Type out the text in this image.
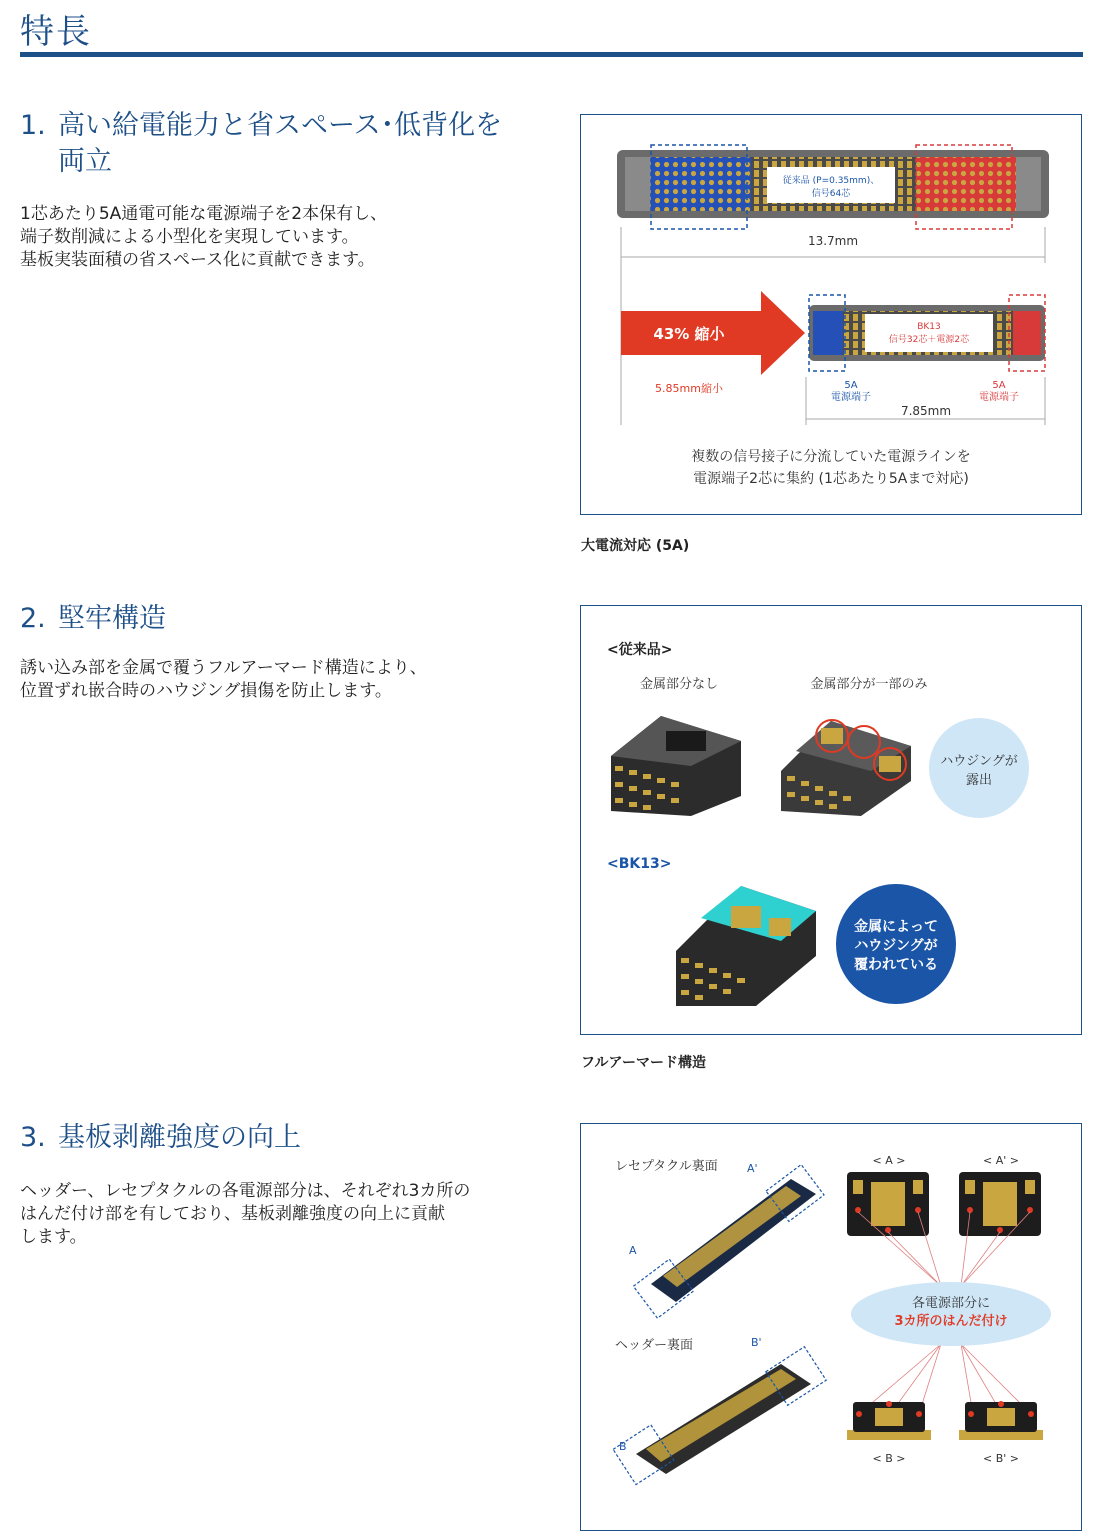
特長
1. 高い給電能力と省スペース･低背化を
両立

1芯あたり5A通電可能な電源端子を2本保有し、
端子数削減による小型化を実現しています。
基板実装面積の省スペース化に貢献できます。

従来品 (P=0.35mm)、
信号64芯
13.7mm
43% 縮小
5.85mm縮小
BK13
信号32芯＋電源2芯
5A
電源端子
5A
電源端子
7.85mm
複数の信号接子に分流していた電源ラインを
電源端子2芯に集約 (1芯あたり5Aまで対応)
大電流対応 (5A)
2. 堅牢構造

誘い込み部を金属で覆うフルアーマード構造により、
位置ずれ嵌合時のハウジング損傷を防止します。

<従来品>
金属部分なし	金属部分が一部のみ
ハウジングが
露出
<BK13>
金属によって
ハウジングが
覆われている
フルアーマード構造
3. 基板剥離強度の向上

ヘッダー、レセプタクルの各電源部分は、それぞれ3カ所の
はんだ付け部を有しており、基板剥離強度の向上に貢献
します。

レセプタクル裏面	A'
A
ヘッダー裏面	B'
B
< A >	< A' >
各電源部分に
3カ所のはんだ付け
< B >	< B' >
